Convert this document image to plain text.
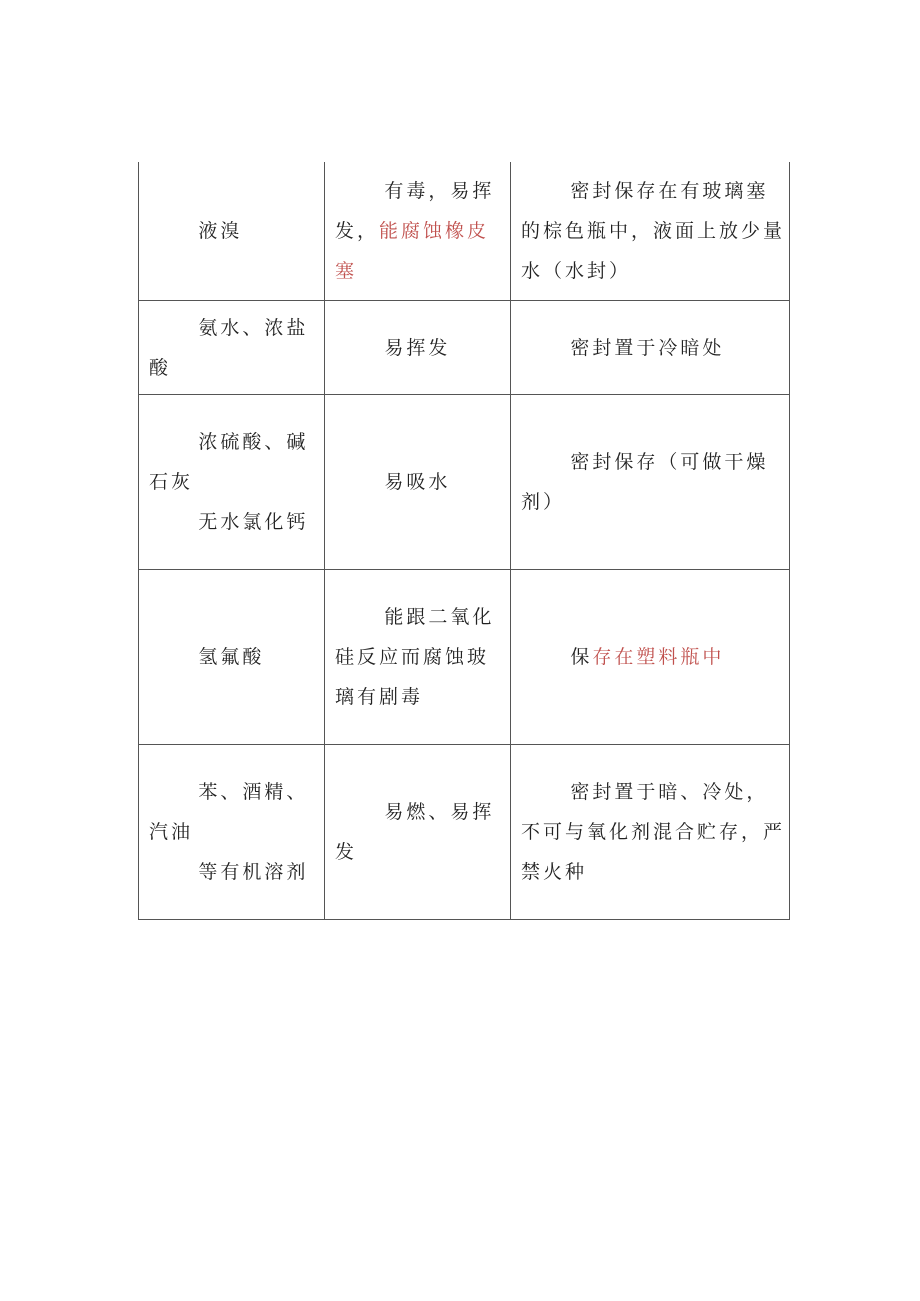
液溴	有毒，易挥发，能腐蚀橡皮塞	密封保存在有玻璃塞的棕色瓶中，液面上放少量水（水封）

氨水、浓盐酸	易挥发	密封置于冷暗处

浓硫酸、碱石灰
无水氯化钙	易吸水	密封保存（可做干燥剂）

氢氟酸	能跟二氧化硅反应而腐蚀玻璃有剧毒	保存在塑料瓶中

苯、酒精、汽油
等有机溶剂	易燃、易挥发	密封置于暗、冷处，不可与氧化剂混合贮存，严禁火种
